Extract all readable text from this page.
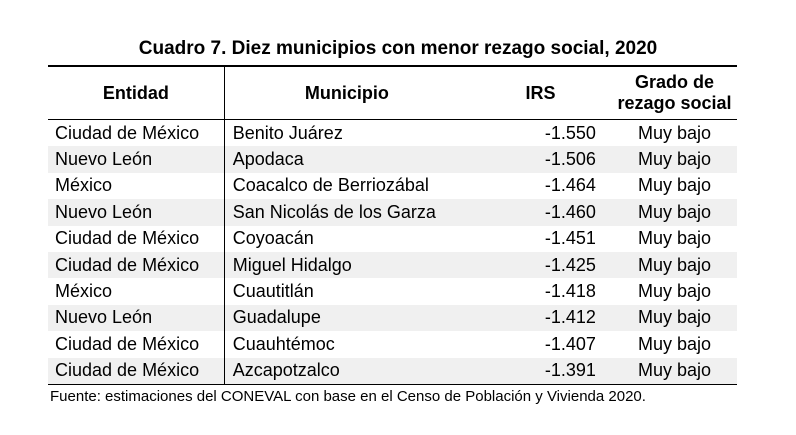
Cuadro 7. Diez municipios con menor rezago social, 2020
Entidad	Municipio	IRS	Grado de
rezago social
Ciudad de México	Benito Juárez	-1.550	Muy bajo
Nuevo León	Apodaca	-1.506	Muy bajo
México	Coacalco de Berriozábal	-1.464	Muy bajo
Nuevo León	San Nicolás de los Garza	-1.460	Muy bajo
Ciudad de México	Coyoacán	-1.451	Muy bajo
Ciudad de México	Miguel Hidalgo	-1.425	Muy bajo
México	Cuautitlán	-1.418	Muy bajo
Nuevo León	Guadalupe	-1.412	Muy bajo
Ciudad de México	Cuauhtémoc	-1.407	Muy bajo
Ciudad de México	Azcapotzalco	-1.391	Muy bajo
Fuente: estimaciones del CONEVAL con base en el Censo de Población y Vivienda 2020.
